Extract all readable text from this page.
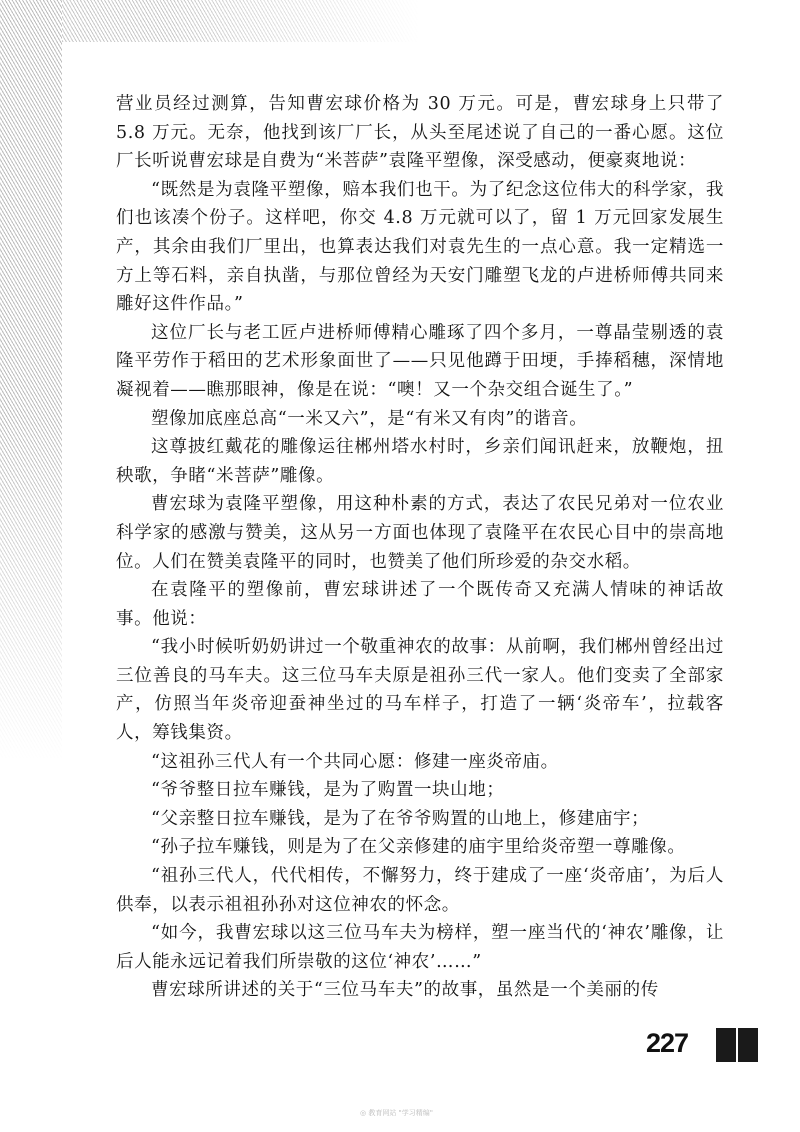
营业员经过测算，告知曹宏球价格为 30 万元。可是，曹宏球身上只带了 5.8 万元。无奈，他找到该厂厂长，从头至尾述说了自己的一番心愿。这位厂长听说曹宏球是自费为“米菩萨”袁隆平塑像，深受感动，便豪爽地说：

“既然是为袁隆平塑像，赔本我们也干。为了纪念这位伟大的科学家，我们也该凑个份子。这样吧，你交 4.8 万元就可以了，留 1 万元回家发展生产，其余由我们厂里出，也算表达我们对袁先生的一点心意。我一定精选一方上等石料，亲自执凿，与那位曾经为天安门雕塑飞龙的卢进桥师傅共同来雕好这件作品。”

这位厂长与老工匠卢进桥师傅精心雕琢了四个多月，一尊晶莹剔透的袁隆平劳作于稻田的艺术形象面世了——只见他蹲于田埂，手捧稻穗，深情地凝视着——瞧那眼神，像是在说：“噢！又一个杂交组合诞生了。”

塑像加底座总高“一米又六”，是“有米又有肉”的谐音。

这尊披红戴花的雕像运往郴州塔水村时，乡亲们闻讯赶来，放鞭炮，扭秧歌，争睹“米菩萨”雕像。

曹宏球为袁隆平塑像，用这种朴素的方式，表达了农民兄弟对一位农业科学家的感激与赞美，这从另一方面也体现了袁隆平在农民心目中的崇高地位。人们在赞美袁隆平的同时，也赞美了他们所珍爱的杂交水稻。

在袁隆平的塑像前，曹宏球讲述了一个既传奇又充满人情味的神话故事。他说：

“我小时候听奶奶讲过一个敬重神农的故事：从前啊，我们郴州曾经出过三位善良的马车夫。这三位马车夫原是祖孙三代一家人。他们变卖了全部家产，仿照当年炎帝迎蚕神坐过的马车样子，打造了一辆‘炎帝车’，拉载客人，筹钱集资。

“这祖孙三代人有一个共同心愿：修建一座炎帝庙。

“爷爷整日拉车赚钱，是为了购置一块山地；

“父亲整日拉车赚钱，是为了在爷爷购置的山地上，修建庙宇；

“孙子拉车赚钱，则是为了在父亲修建的庙宇里给炎帝塑一尊雕像。

“祖孙三代人，代代相传，不懈努力，终于建成了一座‘炎帝庙’，为后人供奉，以表示祖祖孙孙对这位神农的怀念。

“如今，我曹宏球以这三位马车夫为榜样，塑一座当代的‘神农’雕像，让后人能永远记着我们所崇敬的这位‘神农’……”

曹宏球所讲述的关于“三位马车夫”的故事，虽然是一个美丽的传

227
◎ 教育网站 "学习精编"
